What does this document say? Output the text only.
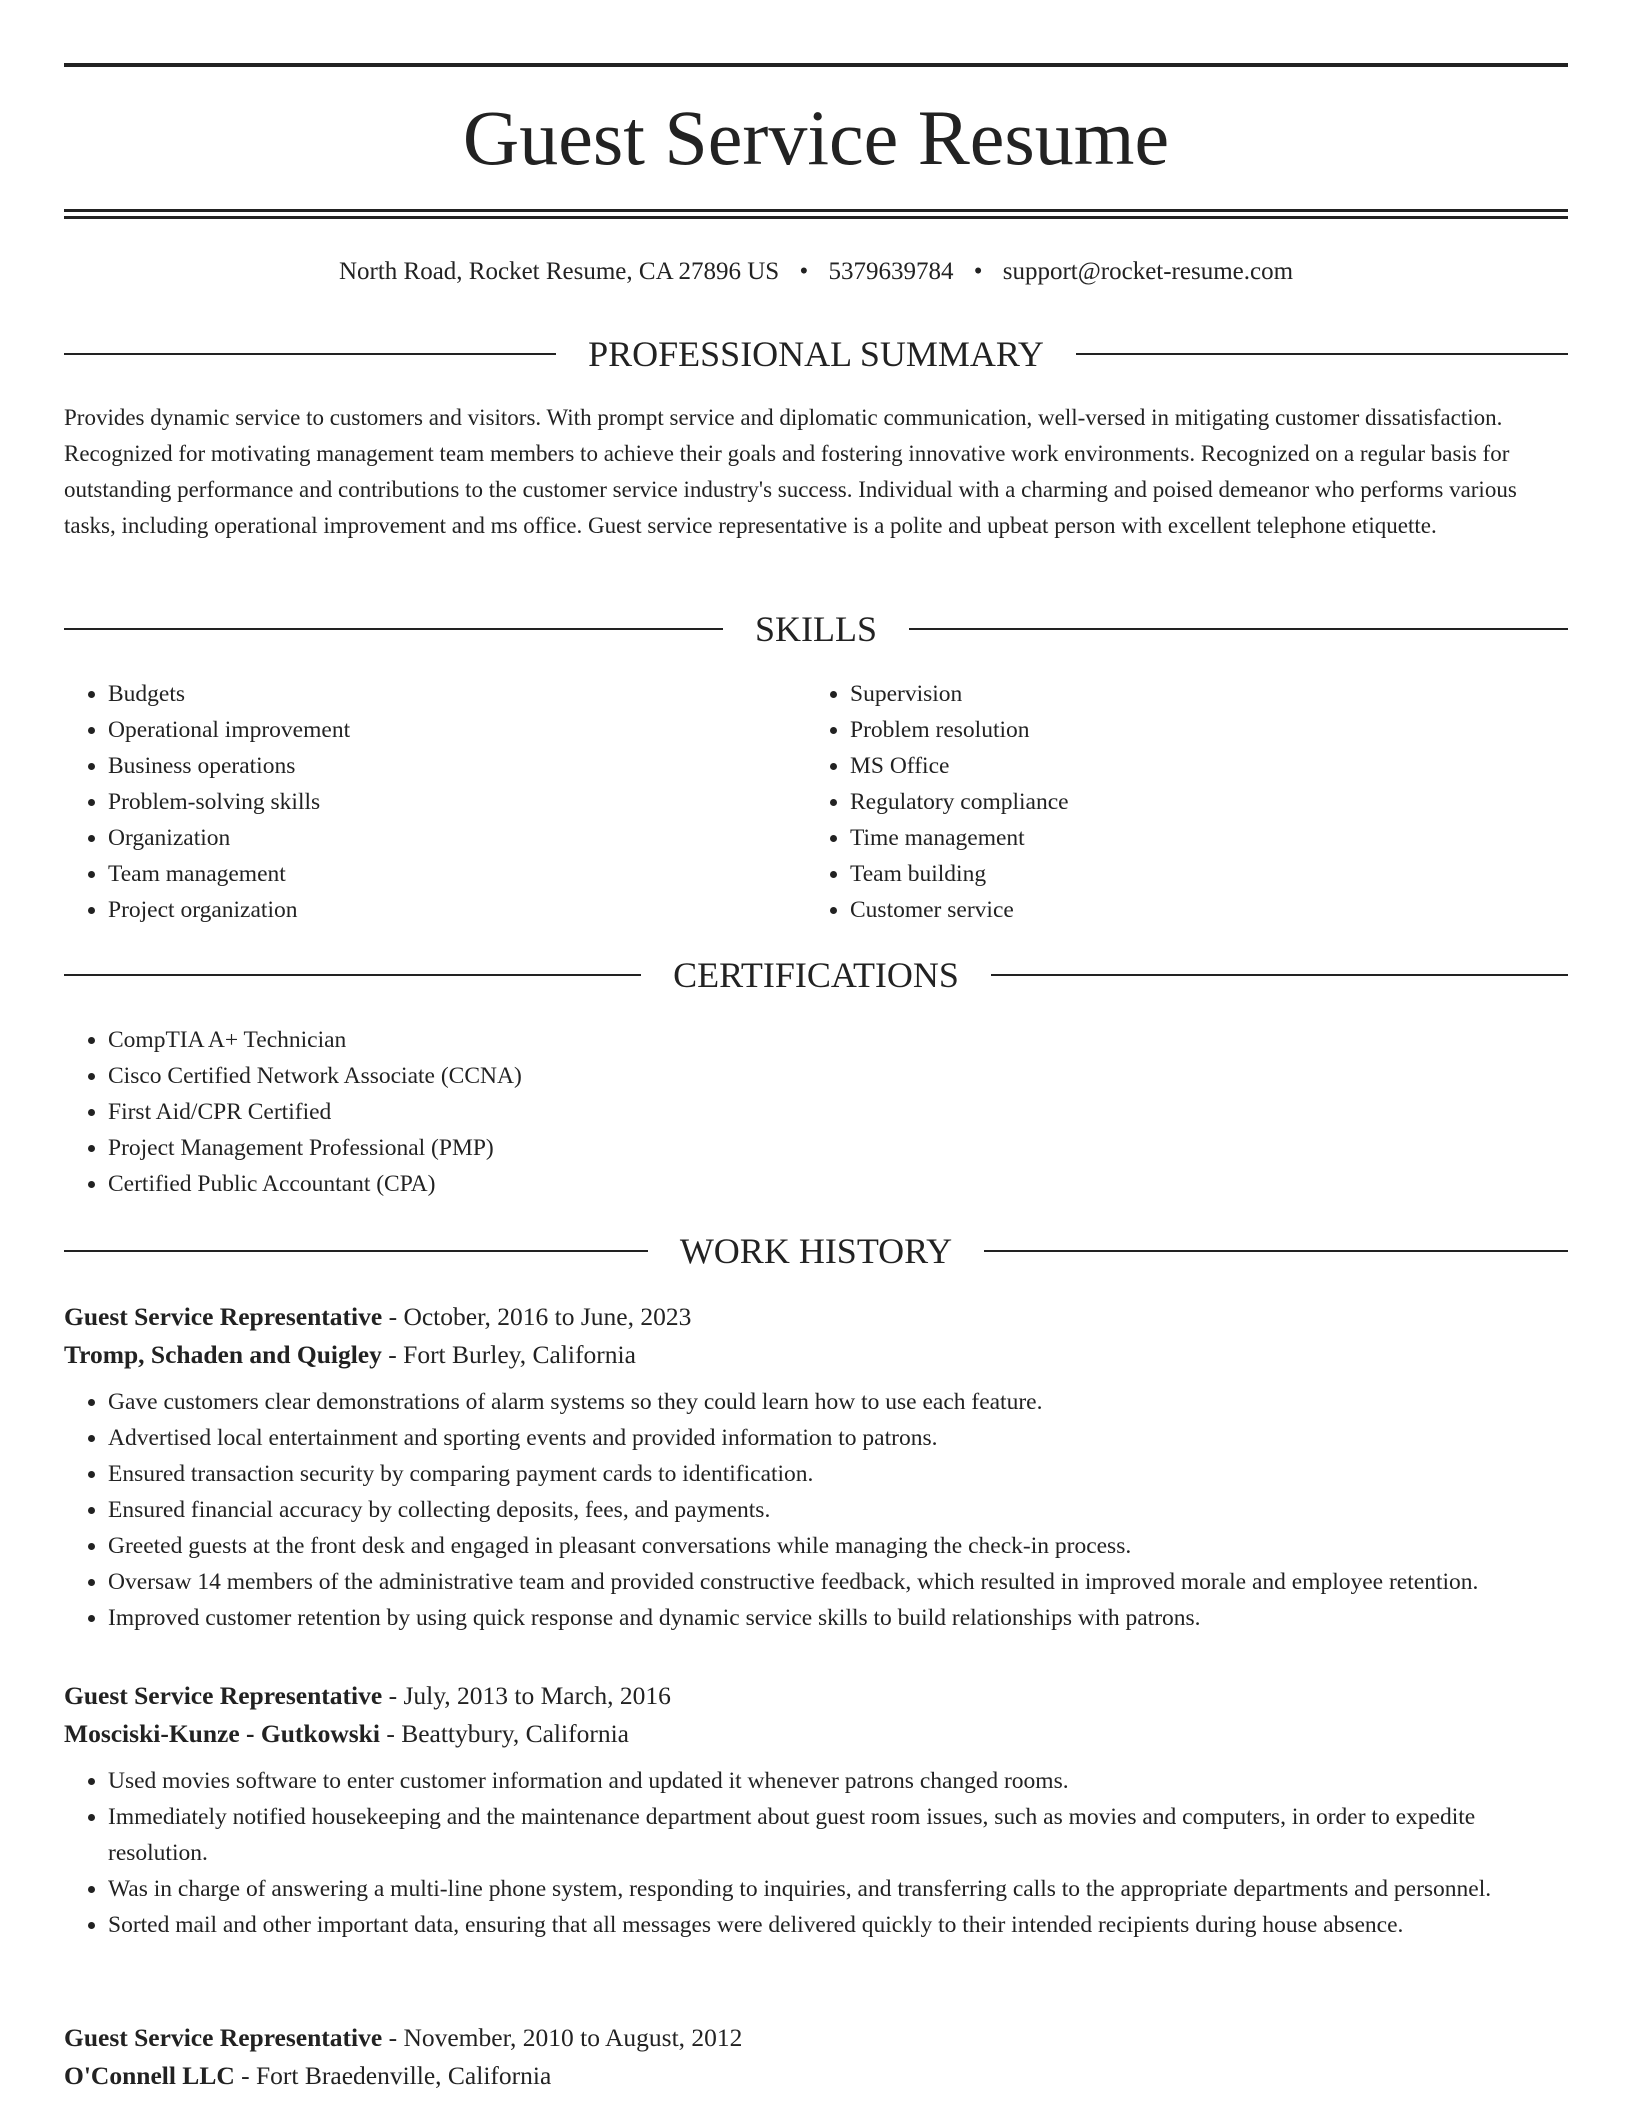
Guest Service Resume
North Road, Rocket Resume, CA 27896 US • 5379639784 • support@rocket-resume.com
PROFESSIONAL SUMMARY

Provides dynamic service to customers and visitors. With prompt service and diplomatic communication, well-versed in mitigating customer dissatisfaction. Recognized for motivating management team members to achieve their goals and fostering innovative work environments. Recognized on a regular basis for outstanding performance and contributions to the customer service industry's success. Individual with a charming and poised demeanor who performs various tasks, including operational improvement and ms office. Guest service representative is a polite and upbeat person with excellent telephone etiquette.

SKILLS
• Budgets
• Operational improvement
• Business operations
• Problem-solving skills
• Organization
• Team management
• Project organization
• Supervision
• Problem resolution
• MS Office
• Regulatory compliance
• Time management
• Team building
• Customer service
CERTIFICATIONS
• CompTIA A+ Technician
• Cisco Certified Network Associate (CCNA)
• First Aid/CPR Certified
• Project Management Professional (PMP)
• Certified Public Accountant (CPA)
WORK HISTORY
Guest Service Representative - October, 2016 to June, 2023
Tromp, Schaden and Quigley - Fort Burley, California
• Gave customers clear demonstrations of alarm systems so they could learn how to use each feature.
• Advertised local entertainment and sporting events and provided information to patrons.
• Ensured transaction security by comparing payment cards to identification.
• Ensured financial accuracy by collecting deposits, fees, and payments.
• Greeted guests at the front desk and engaged in pleasant conversations while managing the check-in process.
• Oversaw 14 members of the administrative team and provided constructive feedback, which resulted in improved morale and employee retention.
• Improved customer retention by using quick response and dynamic service skills to build relationships with patrons.
Guest Service Representative - July, 2013 to March, 2016
Mosciski-Kunze - Gutkowski - Beattybury, California
• Used movies software to enter customer information and updated it whenever patrons changed rooms.
• Immediately notified housekeeping and the maintenance department about guest room issues, such as movies and computers, in order to expedite resolution.
• Was in charge of answering a multi-line phone system, responding to inquiries, and transferring calls to the appropriate departments and personnel.
• Sorted mail and other important data, ensuring that all messages were delivered quickly to their intended recipients during house absence.
Guest Service Representative - November, 2010 to August, 2012
O'Connell LLC - Fort Braedenville, California
